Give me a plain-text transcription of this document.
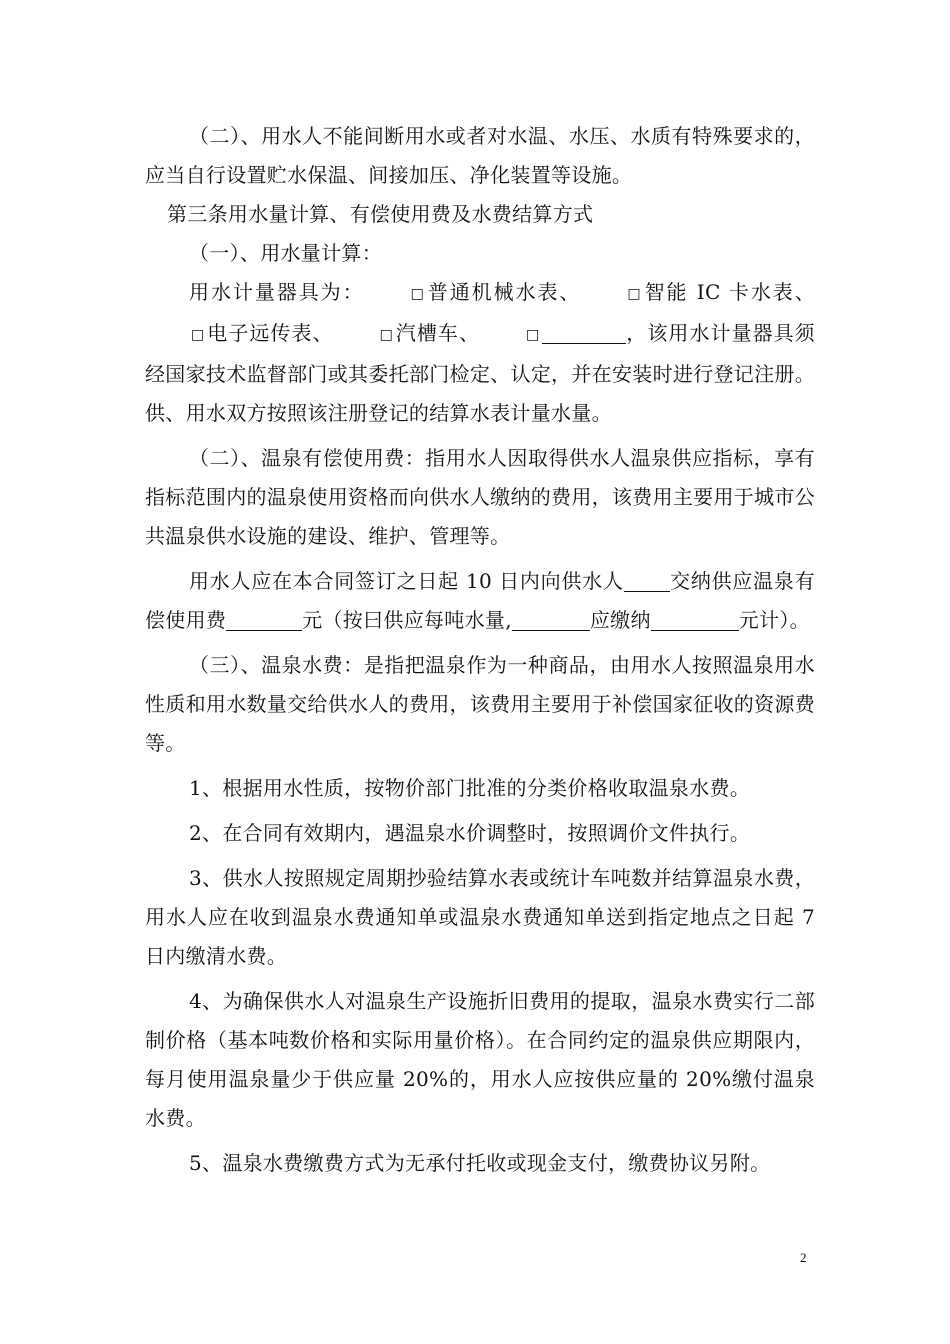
（二）、用水人不能间断用水或者对水温、水压、水质有特殊要求的，应当自行设置贮水保温、间接加压、净化装置等设施。

第三条用水量计算、有偿使用费及水费结算方式

（一）、用水量计算：

用水计量器具为：	□ 普通机械水表、	□ 智能 IC 卡水表、□ 电子远传表、	□ 汽槽车、	□	，该用水计量器具须经国家技术监督部门或其委托部门检定、认定，并在安装时进行登记注册。供、用水双方按照该注册登记的结算水表计量水量。

（二）、温泉有偿使用费：指用水人因取得供水人温泉供应指标，享有指标范围内的温泉使用资格而向供水人缴纳的费用，该费用主要用于城市公共温泉供水设施的建设、维护、管理等。

用水人应在本合同签订之日起 10 日内向供水人 交纳供应温泉有偿使用费	元（按曰供应每吨水量,	应缴纳	元计）。

（三）、温泉水费：是指把温泉作为一种商品，由用水人按照温泉用水性质和用水数量交给供水人的费用，该费用主要用于补偿国家征收的资源费等。

1、根据用水性质，按物价部门批准的分类价格收取温泉水费。

2、在合同有效期内，遇温泉水价调整时，按照调价文件执行。

3、供水人按照规定周期抄验结算水表或统计车吨数并结算温泉水费，用水人应在收到温泉水费通知单或温泉水费通知单送到指定地点之日起 7 日内缴清水费。

4、为确保供水人对温泉生产设施折旧费用的提取，温泉水费实行二部制价格（基本吨数价格和实际用量价格）。在合同约定的温泉供应期限内，每月使用温泉量少于供应量 20%的，用水人应按供应量的 20%缴付温泉水费。

5、温泉水费缴费方式为无承付托收或现金支付，缴费协议另附。

2
